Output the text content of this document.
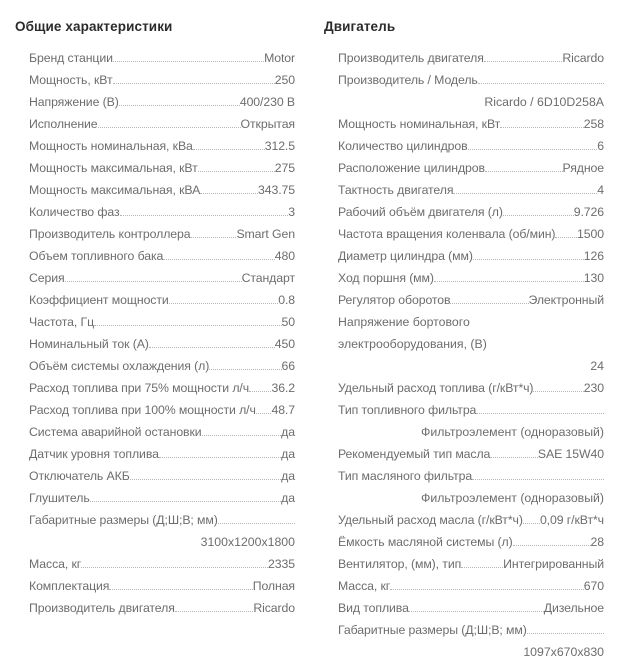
Общие характеристики
Бренд станции	Motor
Мощность, кВт	250
Напряжение (В)	400/230 В
Исполнение	Открытая
Мощность номинальная, кВа	312.5
Мощность максимальная, кВт	275
Мощность максимальная, кВА	343.75
Количество фаз	3
Производитель контроллера	Smart Gen
Объем топливного бака	480
Серия	Стандарт
Коэффициент мощности	0.8
Частота, Гц	50
Номинальный ток (А)	450
Объём системы охлаждения (л)	66
Расход топлива при 75% мощности л/ч 36.2
Расход топлива при 100% мощности л/ч 48.7
Система аварийной остановки	да
Датчик уровня топлива	да
Отключатель АКБ	да
Глушитель	да
Габаритные размеры (Д;Ш;В; мм)
3100x1200x1800
Масса, кг	2335
Комплектация	Полная
Производитель двигателя	Ricardo
Двигатель
Производитель двигателя	Ricardo
Производитель / Модель
Ricardo / 6D10D258A
Мощность номинальная, кВт	258
Количество цилиндров	6
Расположение цилиндров	Рядное
Тактность двигателя	4
Рабочий объём двигателя (л)	9.726
Частота вращения коленвала (об/мин) 1500
Диаметр цилиндра (мм)	126
Ход поршня (мм)	130
Регулятор оборотов	Электронный
Напряжение бортового электрооборудования, (В)
24
Удельный расход топлива (г/кВт*ч)	230
Тип топливного фильтра
Фильтроэлемент (одноразовый)
Рекомендуемый тип масла	SAE 15W40
Тип масляного фильтра
Фильтроэлемент (одноразовый)
Удельный расход масла (г/кВт*ч) 0,09 г/кВт*ч
Ёмкость масляной системы (л)	28
Вентилятор, (мм), тип	Интегрированный
Масса, кг	670
Вид топлива	Дизельное
Габаритные размеры (Д;Ш;В; мм)
1097x670x830
